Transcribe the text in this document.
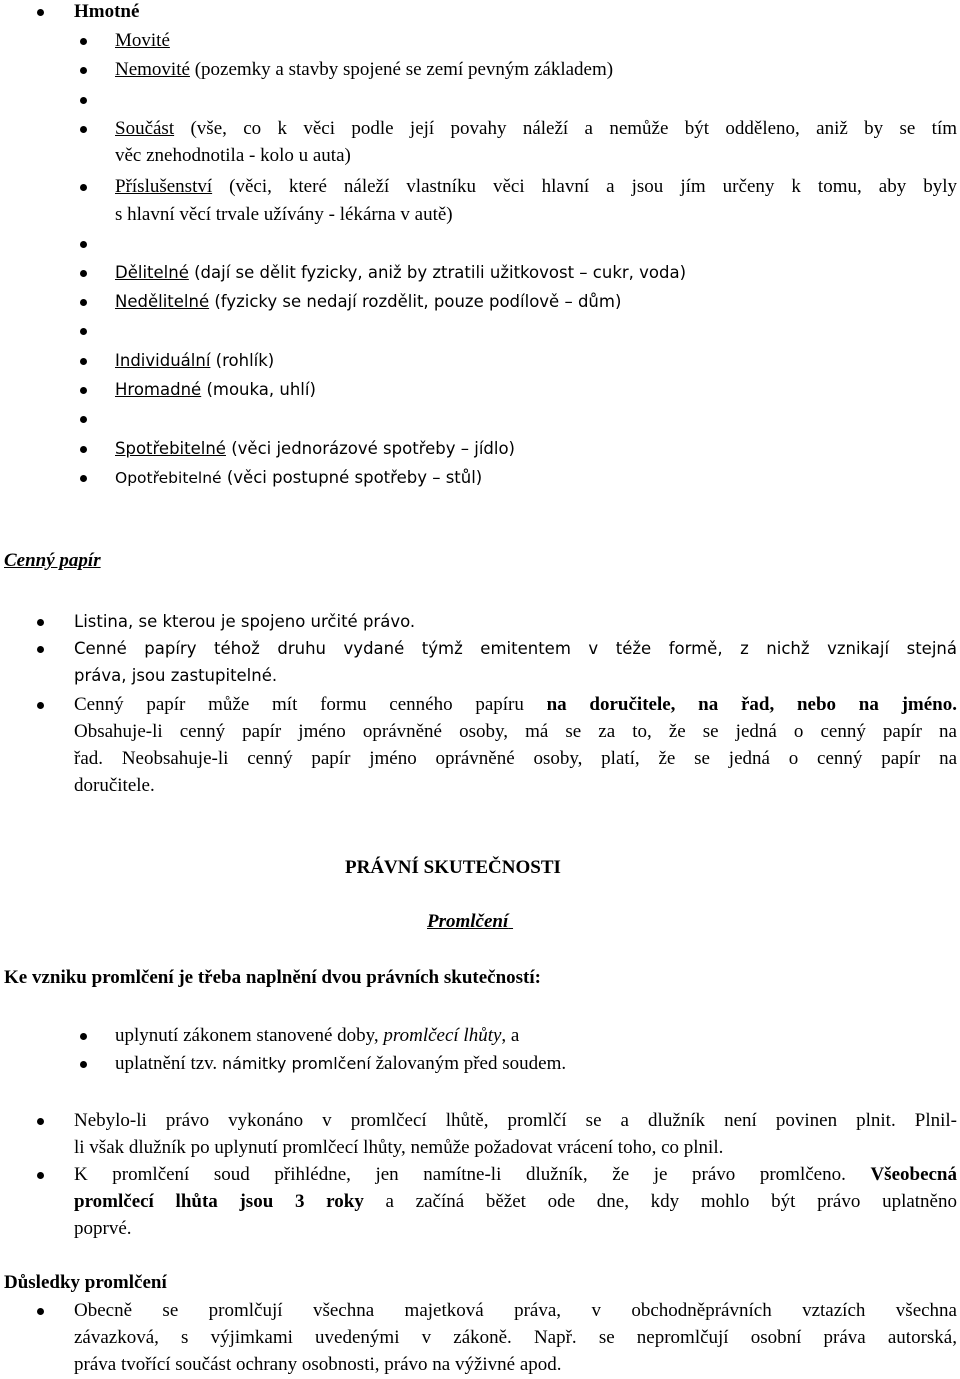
Hmotné
Movité
Nemovité (pozemky a stavby spojené se zemí pevným základem)
Součást (vše, co k věci podle její povahy náleží a nemůže být odděleno, aniž by se tím
věc znehodnotila - kolo u auta)
Příslušenství (věci, které náleží vlastníku věci hlavní a jsou jím určeny k tomu, aby byly
s hlavní věcí trvale užívány - lékárna v autě)
Dělitelné (dají se dělit fyzicky, aniž by ztratili užitkovost – cukr, voda)
Nedělitelné (fyzicky se nedají rozdělit, pouze podílově – dům)
Individuální (rohlík)
Hromadné (mouka, uhlí)
Spotřebitelné (věci jednorázové spotřeby – jídlo)
Opotřebitelné (věci postupné spotřeby – stůl)
Cenný papír
Listina, se kterou je spojeno určité právo.
Cenné papíry téhož druhu vydané týmž emitentem v téže formě, z nichž vznikají stejná
práva, jsou zastupitelné.
Cenný papír může mít formu cenného papíru na doručitele, na řad, nebo na jméno.
Obsahuje-li cenný papír jméno oprávněné osoby, má se za to, že se jedná o cenný papír na
řad. Neobsahuje-li cenný papír jméno oprávněné osoby, platí, že se jedná o cenný papír na
doručitele.
PRÁVNÍ SKUTEČNOSTI
Promlčení
Ke vzniku promlčení je třeba naplnění dvou právních skutečností:
uplynutí zákonem stanovené doby, promlčecí lhůty, a
uplatnění tzv. námitky promlčení žalovaným před soudem.
Nebylo-li právo vykonáno v promlčecí lhůtě, promlčí se a dlužník není povinen plnit. Plnil-
li však dlužník po uplynutí promlčecí lhůty, nemůže požadovat vrácení toho, co plnil.
K promlčení soud přihlédne, jen namítne-li dlužník, že je právo promlčeno. Všeobecná
promlčecí lhůta jsou 3 roky a začíná běžet ode dne, kdy mohlo být právo uplatněno
poprvé.
Důsledky promlčení
Obecně se promlčují všechna majetková práva, v obchodněprávních vztazích všechna
závazková, s výjimkami uvedenými v zákoně. Např. se nepromlčují osobní práva autorská,
práva tvořící součást ochrany osobnosti, právo na výživné apod.
